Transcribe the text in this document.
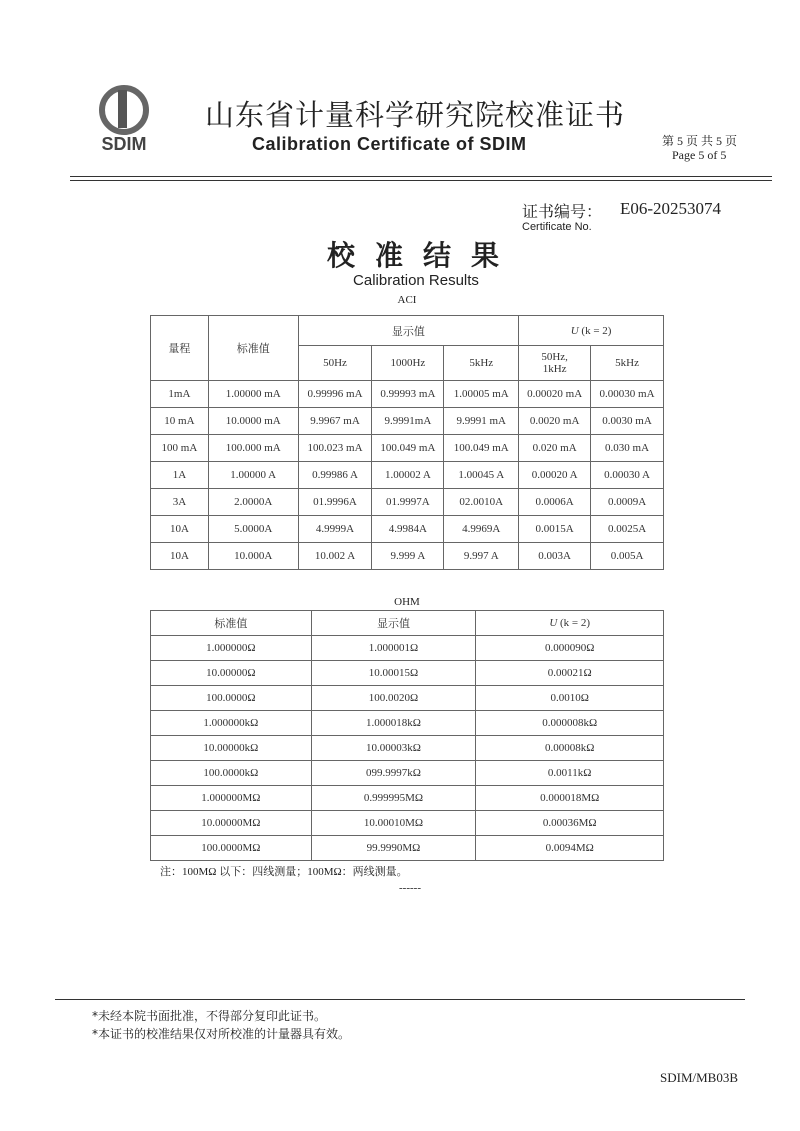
SDIM
山东省计量科学研究院校准证书
Calibration Certificate of SDIM	第 5 页 共 5 页
Page 5 of 5
证书编号： E06-20253074
Certificate No.
校准结果
Calibration Results
ACI
量程	标准值	显示值			U (k = 2)	
		50Hz	1000Hz	5kHz	50Hz, 1kHz	5kHz
1mA	1.00000 mA	0.99996 mA	0.99993 mA	1.00005 mA	0.00020 mA	0.00030 mA
10 mA	10.0000 mA	9.9967 mA	9.9991mA	9.9991 mA	0.0020 mA	0.0030 mA
100 mA	100.000 mA	100.023 mA	100.049 mA	100.049 mA	0.020 mA	0.030 mA
1A	1.00000 A	0.99986 A	1.00002 A	1.00045 A	0.00020 A	0.00030 A
3A	2.0000A	01.9996A	01.9997A	02.0010A	0.0006A	0.0009A
10A	5.0000A	4.9999A	4.9984A	4.9969A	0.0015A	0.0025A
10A	10.000A	10.002 A	9.999 A	9.997 A	0.003A	0.005A
OHM
标准值	显示值	U (k = 2)
1.000000Ω	1.000001Ω	0.000090Ω
10.00000Ω	10.00015Ω	0.00021Ω
100.0000Ω	100.0020Ω	0.0010Ω
1.000000kΩ	1.000018kΩ	0.000008kΩ
10.00000kΩ	10.00003kΩ	0.00008kΩ
100.0000kΩ	099.9997kΩ	0.0011kΩ
1.000000MΩ	0.999995MΩ	0.000018MΩ
10.00000MΩ	10.00010MΩ	0.00036MΩ
100.0000MΩ	99.9990MΩ	0.0094MΩ
注：100MΩ 以下：四线测量；100MΩ：两线测量。
------
*未经本院书面批准，不得部分复印此证书。
*本证书的校准结果仅对所校准的计量器具有效。
SDIM/MB03B
